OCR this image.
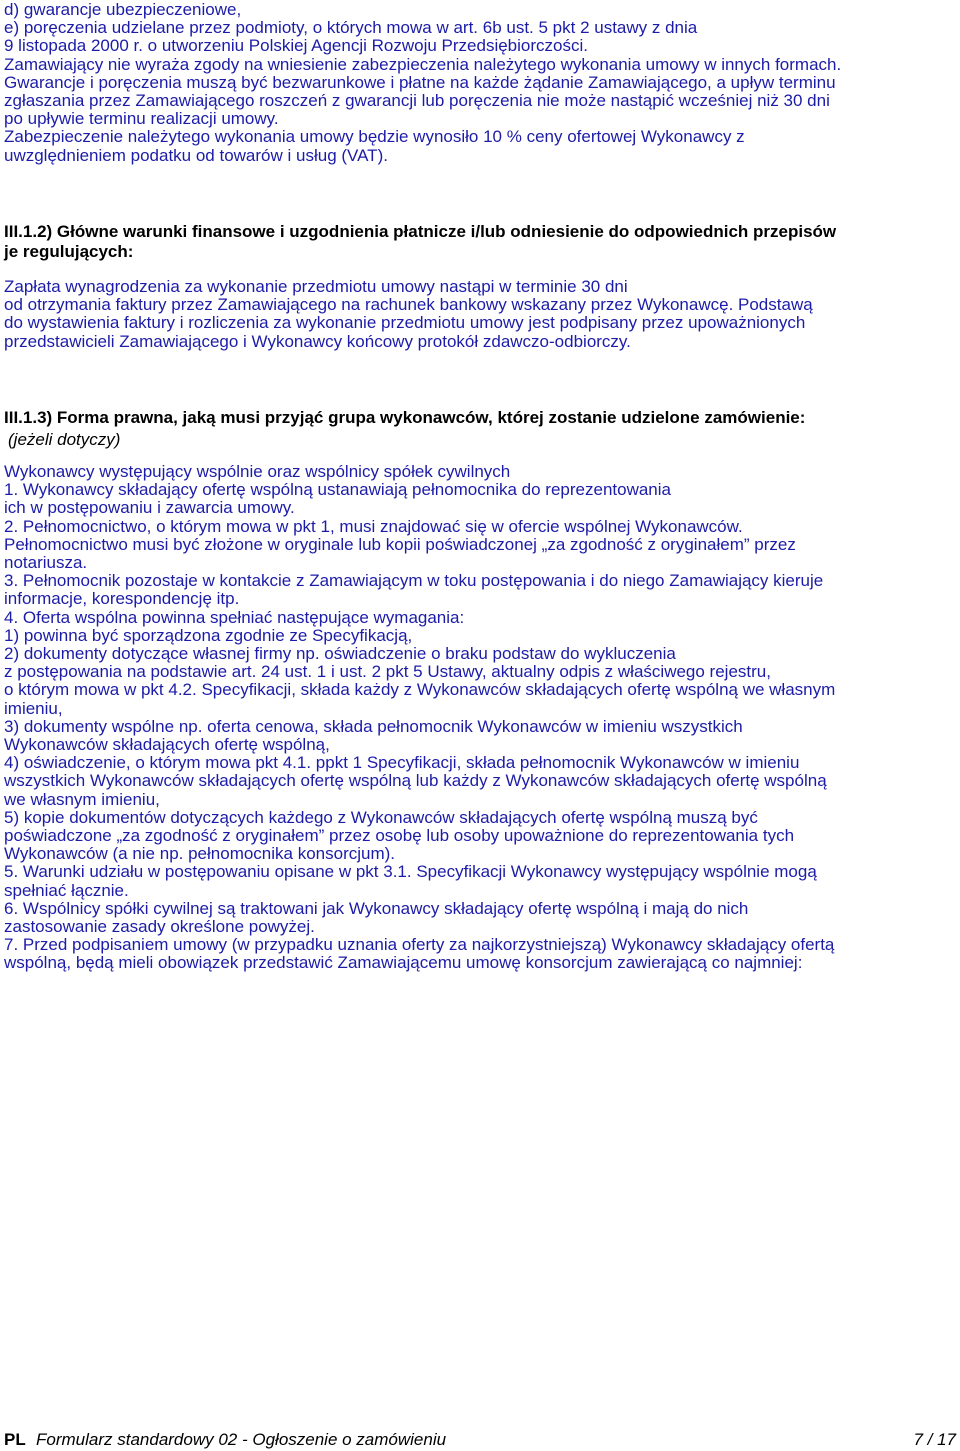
d) gwarancje ubezpieczeniowe,
e) poręczenia udzielane przez podmioty, o których mowa w art. 6b ust. 5 pkt 2 ustawy z dnia
9 listopada 2000 r. o utworzeniu Polskiej Agencji Rozwoju Przedsiębiorczości.
Zamawiający nie wyraża zgody na wniesienie zabezpieczenia należytego wykonania umowy w innych formach.
Gwarancje i poręczenia muszą być bezwarunkowe i płatne na każde żądanie Zamawiającego, a upływ terminu
zgłaszania przez Zamawiającego roszczeń z gwarancji lub poręczenia nie może nastąpić wcześniej niż 30 dni
po upływie terminu realizacji umowy.
Zabezpieczenie należytego wykonania umowy będzie wynosiło 10 % ceny ofertowej Wykonawcy z
uwzględnieniem podatku od towarów i usług (VAT).
III.1.2) Główne warunki finansowe i uzgodnienia płatnicze i/lub odniesienie do odpowiednich przepisów
je regulujących:
Zapłata wynagrodzenia za wykonanie przedmiotu umowy nastąpi w terminie 30 dni
od otrzymania faktury przez Zamawiającego na rachunek bankowy wskazany przez Wykonawcę. Podstawą
do wystawienia faktury i rozliczenia za wykonanie przedmiotu umowy jest podpisany przez upoważnionych
przedstawicieli Zamawiającego i Wykonawcy końcowy protokół zdawczo-odbiorczy.
III.1.3) Forma prawna, jaką musi przyjąć grupa wykonawców, której zostanie udzielone zamówienie:
(jeżeli dotyczy)
Wykonawcy występujący wspólnie oraz wspólnicy spółek cywilnych
1. Wykonawcy składający ofertę wspólną ustanawiają pełnomocnika do reprezentowania
ich w postępowaniu i zawarcia umowy.
2. Pełnomocnictwo, o którym mowa w pkt 1, musi znajdować się w ofercie wspólnej Wykonawców.
Pełnomocnictwo musi być złożone w oryginale lub kopii poświadczonej „za zgodność z oryginałem” przez
notariusza.
3. Pełnomocnik pozostaje w kontakcie z Zamawiającym w toku postępowania i do niego Zamawiający kieruje
informacje, korespondencję itp.
4. Oferta wspólna powinna spełniać następujące wymagania:
1) powinna być sporządzona zgodnie ze Specyfikacją,
2) dokumenty dotyczące własnej firmy np. oświadczenie o braku podstaw do wykluczenia
z postępowania na podstawie art. 24 ust. 1 i ust. 2 pkt 5 Ustawy, aktualny odpis z właściwego rejestru,
o którym mowa w pkt 4.2. Specyfikacji, składa każdy z Wykonawców składających ofertę wspólną we własnym
imieniu,
3) dokumenty wspólne np. oferta cenowa, składa pełnomocnik Wykonawców w imieniu wszystkich
Wykonawców składających ofertę wspólną,
4) oświadczenie, o którym mowa pkt 4.1. ppkt 1 Specyfikacji, składa pełnomocnik Wykonawców w imieniu
wszystkich Wykonawców składających ofertę wspólną lub każdy z Wykonawców składających ofertę wspólną
we własnym imieniu,
5) kopie dokumentów dotyczących każdego z Wykonawców składających ofertę wspólną muszą być
poświadczone „za zgodność z oryginałem” przez osobę lub osoby upoważnione do reprezentowania tych
Wykonawców (a nie np. pełnomocnika konsorcjum).
5. Warunki udziału w postępowaniu opisane w pkt 3.1. Specyfikacji Wykonawcy występujący wspólnie mogą
spełniać łącznie.
6. Wspólnicy spółki cywilnej są traktowani jak Wykonawcy składający ofertę wspólną i mają do nich
zastosowanie zasady określone powyżej.
7. Przed podpisaniem umowy (w przypadku uznania oferty za najkorzystniejszą) Wykonawcy składający ofertą
wspólną, będą mieli obowiązek przedstawić Zamawiającemu umowę konsorcjum zawierającą co najmniej:
PL Formularz standardowy 02 - Ogłoszenie o zamówieniu	7 / 17
